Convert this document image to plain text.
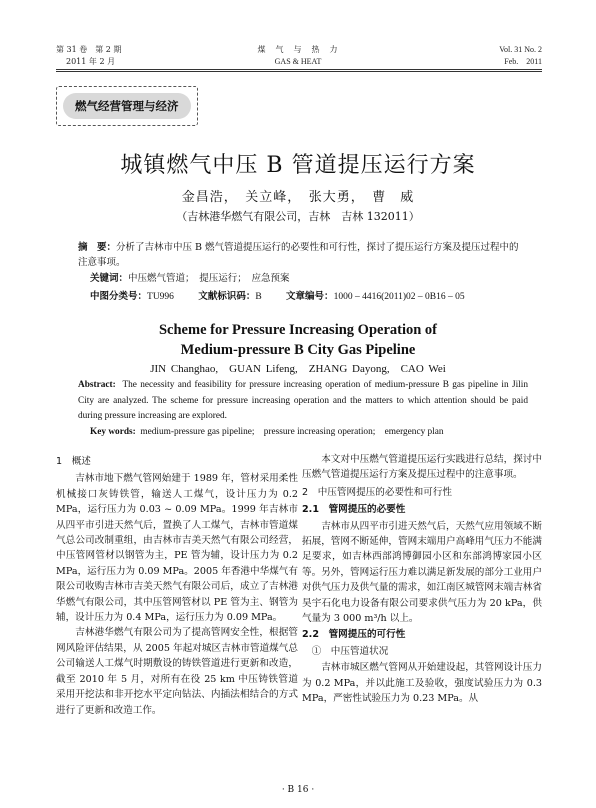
第 31 卷　第 2 期
2011 年 2 月
煤　气　与　热　力
GAS & HEAT
Vol. 31 No. 2
Feb.　2011
燃气经营管理与经济
城镇燃气中压 B 管道提压运行方案
金昌浩，　关立峰，　张大勇，　曹　威
（吉林港华燃气有限公司，吉林　吉林 132011）
摘　要：分析了吉林市中压 B 燃气管道提压运行的必要性和可行性，探讨了提压运行方案及提压过程中的注意事项。
关键词：中压燃气管道；　提压运行；　应急预案
中图分类号：TU996	文献标识码：B	文章编号：1000 – 4416(2011)02 – 0B16 – 05
Scheme for Pressure Increasing Operation of
Medium-pressure B City Gas Pipeline
JIN Changhao,　GUAN Lifeng,　ZHANG Dayong,　CAO Wei
Abstract: The necessity and feasibility for pressure increasing operation of medium-pressure B gas pipeline in Jilin City are analyzed. The scheme for pressure increasing operation and the matters to which attention should be paid during pressure increasing are explored.
Key words: medium-pressure gas pipeline;　pressure increasing operation;　emergency plan
1　概述

吉林市地下燃气管网始建于 1989 年，管材采用柔性机械接口灰铸铁管，输送人工煤气，设计压力为 0.2 MPa，运行压力为 0.03 ~ 0.09 MPa。1999 年吉林市从四平市引进天然气后，置换了人工煤气，吉林市管道煤气总公司改制重组，由吉林市吉美天然气有限公司经营，中压管网管材以钢管为主，PE 管为辅，设计压力为 0.2 MPa，运行压力为 0.09 MPa。2005 年香港中华煤气有限公司收购吉林市吉美天然气有限公司后，成立了吉林港华燃气有限公司，其中压管网管材以 PE 管为主、钢管为辅，设计压力为 0.4 MPa，运行压力为 0.09 MPa。

吉林港华燃气有限公司为了提高管网安全性，根据管网风险评估结果，从 2005 年起对城区吉林市管道煤气总公司输送人工煤气时期敷设的铸铁管道进行更新和改造，截至 2010 年 5 月，对所有在役 25 km 中压铸铁管道采用开挖法和非开挖水平定向钻法、内插法相结合的方式进行了更新和改造工作。

本文对中压燃气管道提压运行实践进行总结，探讨中压燃气管道提压运行方案及提压过程中的注意事项。

2　中压管网提压的必要性和可行性
2.1　管网提压的必要性

吉林市从四平市引进天然气后，天然气应用领域不断拓展，管网不断延伸，管网末端用户高峰用气压力不能满足要求，如吉林西部鸿博御园小区和东部鸿博家园小区等。另外，管网运行压力难以满足新发展的部分工业用户对供气压力及供气量的需求，如江南区城管网末端吉林省昊宇石化电力设备有限公司要求供气压力为 20 kPa，供气量为 3 000 m³/h 以上。

2.2　管网提压的可行性
①　中压管道状况

吉林市城区燃气管网从开始建设起，其管网设计压力为 0.2 MPa，并以此施工及验收，强度试验压力为 0.3 MPa，严密性试验压力为 0.23 MPa。从

· B 16 ·
